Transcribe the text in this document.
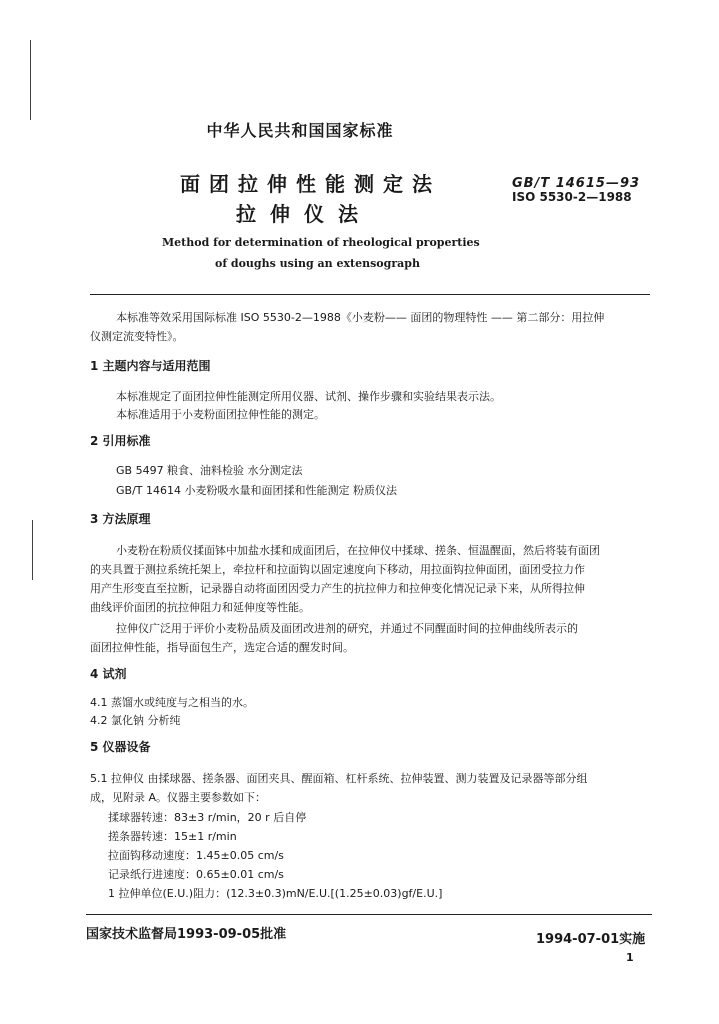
中华人民共和国国家标准
面团拉伸性能测定法
拉伸仪法
GB/T 14615—93
ISO 5530-2—1988
Method for determination of rheological properties
of doughs using an extensograph
本标准等效采用国际标准 ISO 5530-2—1988《小麦粉—— 面团的物理特性 —— 第二部分：用拉伸
仪测定流变特性》。
1 主题内容与适用范围
本标准规定了面团拉伸性能测定所用仪器、试剂、操作步骤和实验结果表示法。
本标准适用于小麦粉面团拉伸性能的测定。
2 引用标准
GB 5497 粮食、油料检验 水分测定法
GB/T 14614 小麦粉吸水量和面团揉和性能测定 粉质仪法
3 方法原理
小麦粉在粉质仪揉面钵中加盐水揉和成面团后，在拉伸仪中揉球、搓条、恒温醒面，然后将装有面团
的夹具置于测拉系统托架上，牵拉杆和拉面钩以固定速度向下移动，用拉面钩拉伸面团，面团受拉力作
用产生形变直至拉断，记录器自动将面团因受力产生的抗拉伸力和拉伸变化情况记录下来，从所得拉伸
曲线评价面团的抗拉伸阻力和延伸度等性能。
拉伸仪广泛用于评价小麦粉品质及面团改进剂的研究，并通过不同醒面时间的拉伸曲线所表示的
面团拉伸性能，指导面包生产，选定合适的醒发时间。
4 试剂
4.1 蒸馏水或纯度与之相当的水。
4.2 氯化钠 分析纯
5 仪器设备
5.1 拉伸仪 由揉球器、搓条器、面团夹具、醒面箱、杠杆系统、拉伸装置、测力装置及记录器等部分组
成，见附录 A。仪器主要参数如下：
揉球器转速：83±3 r/min，20 r 后自停
搓条器转速：15±1 r/min
拉面钩移动速度：1.45±0.05 cm/s
记录纸行进速度：0.65±0.01 cm/s
1 拉伸单位(E.U.)阻力：(12.3±0.3)mN/E.U.[(1.25±0.03)gf/E.U.]
国家技术监督局1993-09-05批准	1994-07-01实施
1
